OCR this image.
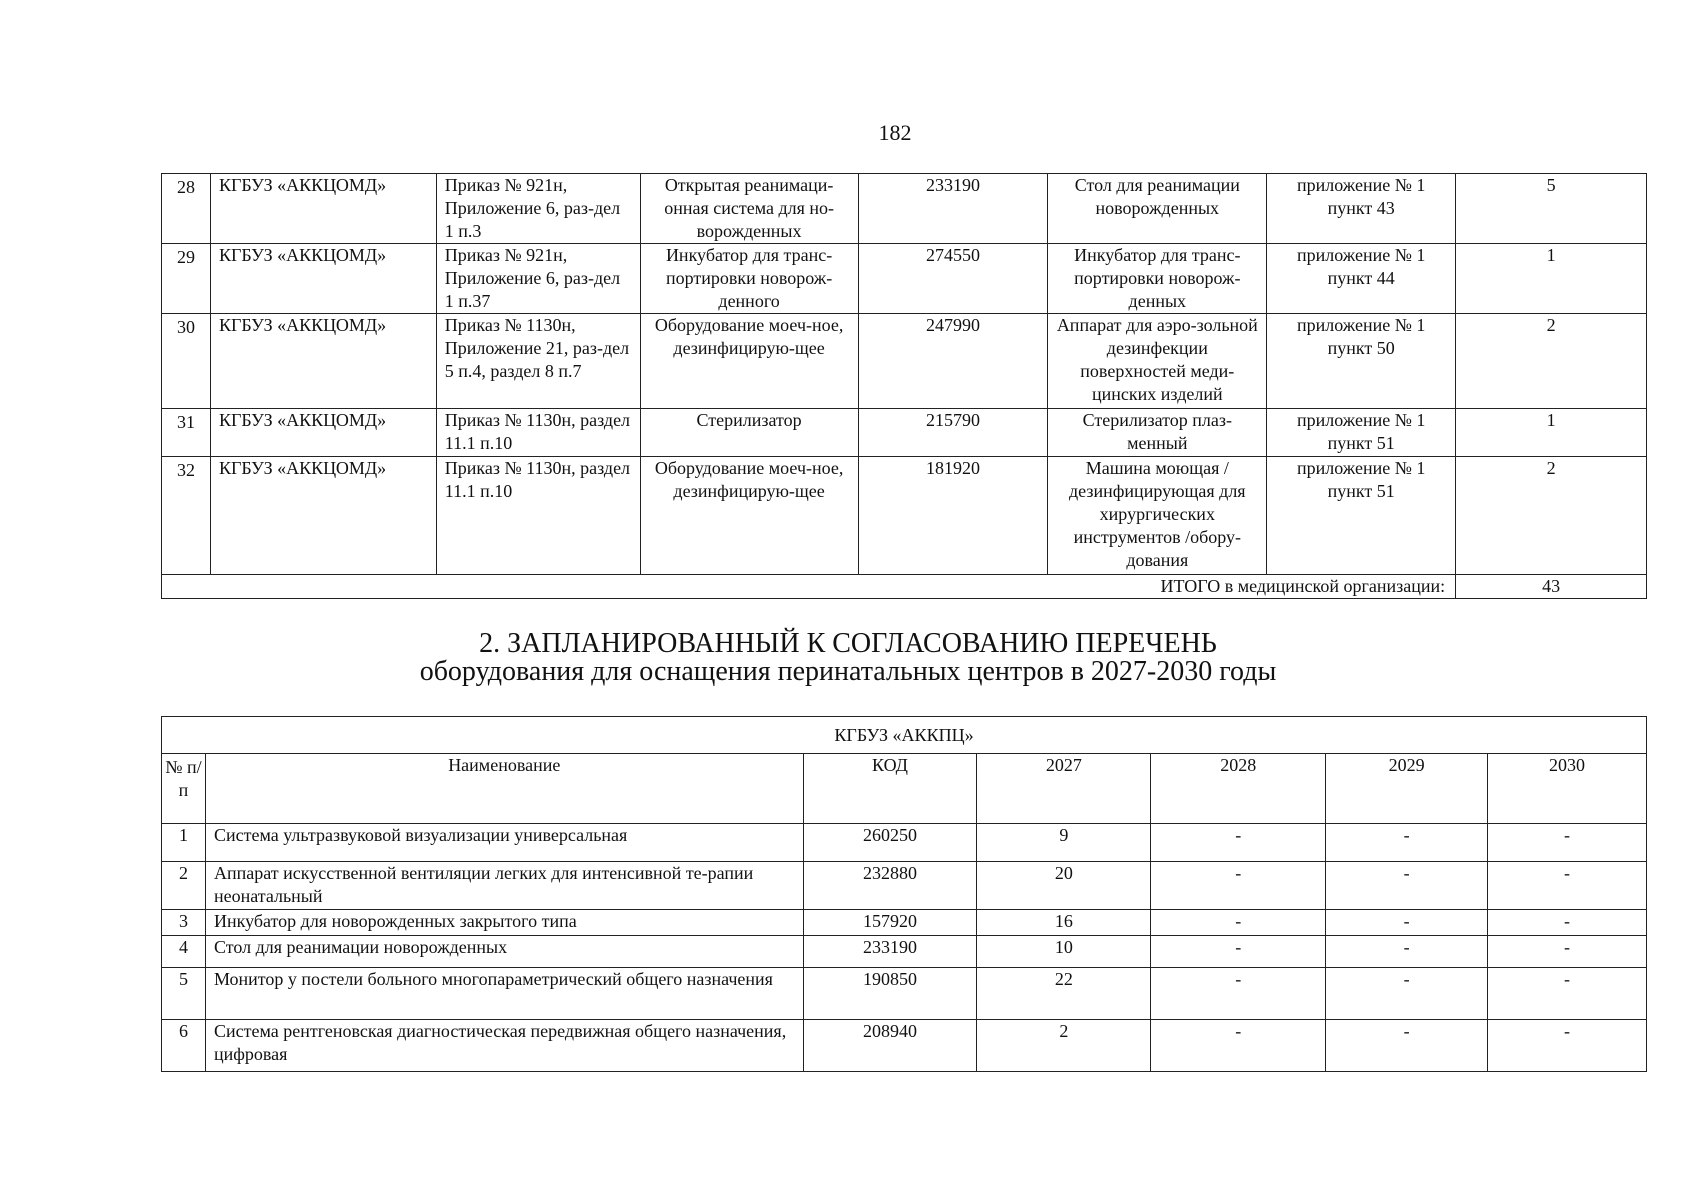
182
28	КГБУЗ «АККЦОМД»	Приказ № 921н, Приложение 6, раз-дел 1 п.3	Открытая реанимаци-онная система для но-ворожденных	233190	Стол для реанимации новорожденных	приложение № 1 пункт 43	5
29	КГБУЗ «АККЦОМД»	Приказ № 921н, Приложение 6, раз-дел 1 п.37	Инкубатор для транс-портировки новорож-денного	274550	Инкубатор для транс-портировки новорож-денных	приложение № 1 пункт 44	1
30	КГБУЗ «АККЦОМД»	Приказ № 1130н, Приложение 21, раз-дел 5 п.4, раздел 8 п.7	Оборудование моеч-ное, дезинфицирую-щее	247990	Аппарат для аэро-зольной дезинфекции поверхностей меди-цинских изделий	приложение № 1 пункт 50	2
31	КГБУЗ «АККЦОМД»	Приказ № 1130н, раздел 11.1 п.10	Стерилизатор	215790	Стерилизатор плаз-менный	приложение № 1 пункт 51	1
32	КГБУЗ «АККЦОМД»	Приказ № 1130н, раздел 11.1 п.10	Оборудование моеч-ное, дезинфицирую-щее	181920	Машина моющая /дезинфицирующая для хирургических инструментов /обору-дования	приложение № 1 пункт 51	2
ИТОГО в медицинской организации:							43
2. ЗАПЛАНИРОВАННЫЙ К СОГЛАСОВАНИЮ ПЕРЕЧЕНЬ
оборудования для оснащения перинатальных центров в 2027-2030 годы
КГБУЗ «АККПЦ»						
№ п/ п	Наименование	КОД	2027	2028	2029	2030
1	Система ультразвуковой визуализации универсальная	260250	9	-	-	-
2	Аппарат искусственной вентиляции легких для интенсивной те-рапии неонатальный	232880	20	-	-	-
3	Инкубатор для новорожденных закрытого типа	157920	16	-	-	-
4	Стол для реанимации новорожденных	233190	10	-	-	-
5	Монитор у постели больного многопараметрический общего назначения	190850	22	-	-	-
6	Система рентгеновская диагностическая передвижная общего назначения, цифровая	208940	2	-	-	-
